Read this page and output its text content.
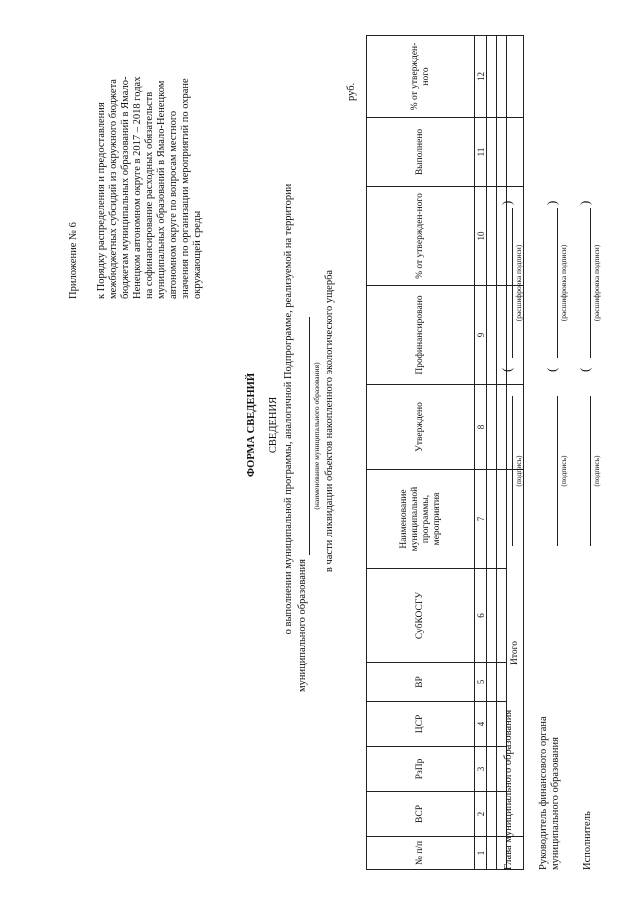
Приложение № 6 к Порядку распределения и предоставления межбюджетных субсидий из окружного бюджета бюджетам муниципальных образований в Ямало- Ненецком автономном округе в 2017 – 2018 годах на софинансирование расходных обязательств муниципальных образований в Ямало-Ненецком автономном округе по вопросам местного значения по организации мероприятий по охране окружающей среды
ФОРМА СВЕДЕНИЙ СВЕДЕНИЯ о выполнении муниципальной программы, аналогичной Подпрограмме, реализуемой на территории муниципального образования
(наименование муниципального образования) в части ликвидации объектов накопленного экологического ущерба
руб.
№ п/п	ВСР	РзПр	ЦСР	ВР	СубКОСГУ	Наименование муниципальной программы, мероприятия	Утверждено	Профинансировано	% от утвержден-ного	Выполнено	% от утвержден-ного
1	2	3	4	5	6	7	8	9	10	11	12

	Итого										
Глава муниципального образования
(подпись)
(
)
(расшифровка подписи)
Руководитель финансового органа муниципального образования
(подпись)
(
)
(расшифровка подписи)
Исполнитель
(подпись)
(
)
(расшифровка подписи)
